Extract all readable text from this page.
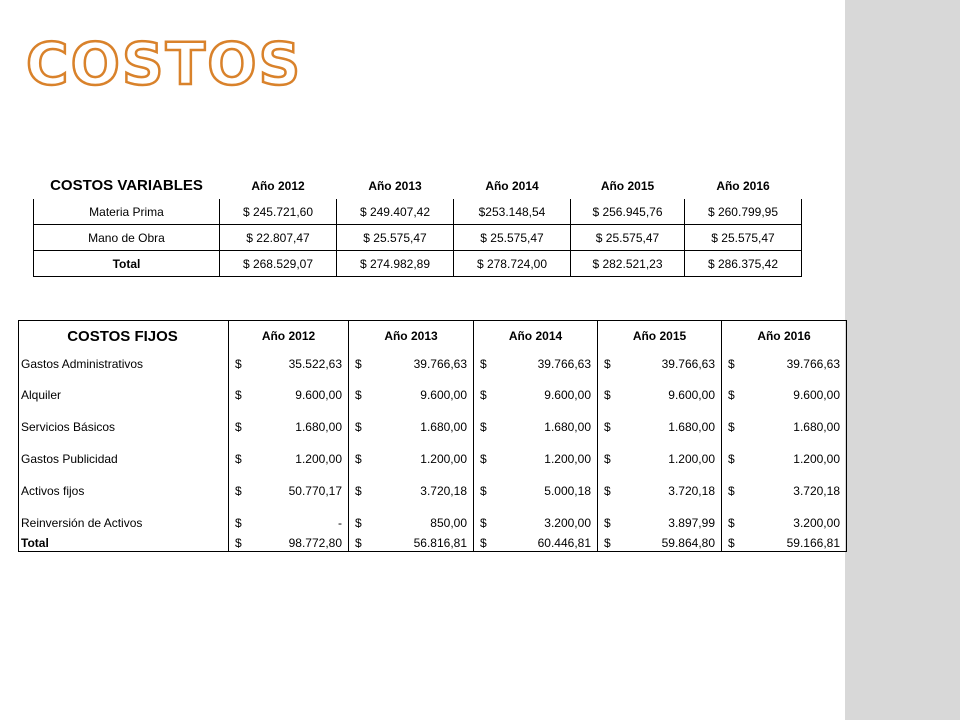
COSTOS
COSTOS VARIABLES	Año 2012	Año 2013	Año 2014	Año 2015	Año 2016
Materia Prima	$ 245.721,60	$ 249.407,42	$253.148,54	$ 256.945,76	$ 260.799,95
Mano de Obra	$ 22.807,47	$ 25.575,47	$ 25.575,47	$ 25.575,47	$ 25.575,47
Total	$ 268.529,07	$ 274.982,89	$ 278.724,00	$ 282.521,23	$ 286.375,42
COSTOS FIJOS	Año 2012	Año 2013	Año 2014	Año 2015	Año 2016
Gastos Administrativos	$ 35.522,63	$ 39.766,63	$ 39.766,63	$ 39.766,63	$ 39.766,63

Alquiler	$ 9.600,00	$ 9.600,00	$ 9.600,00	$ 9.600,00	$ 9.600,00

Servicios Básicos	$ 1.680,00	$ 1.680,00	$ 1.680,00	$ 1.680,00	$ 1.680,00

Gastos Publicidad	$ 1.200,00	$ 1.200,00	$ 1.200,00	$ 1.200,00	$ 1.200,00

Activos fijos	$ 50.770,17	$ 3.720,18	$ 5.000,18	$ 3.720,18	$ 3.720,18

Reinversión de Activos	$ -	$ 850,00	$ 3.200,00	$ 3.897,99	$ 3.200,00

Total	$ 98.772,80	$ 56.816,81	$ 60.446,81	$ 59.864,80	$ 59.166,81
